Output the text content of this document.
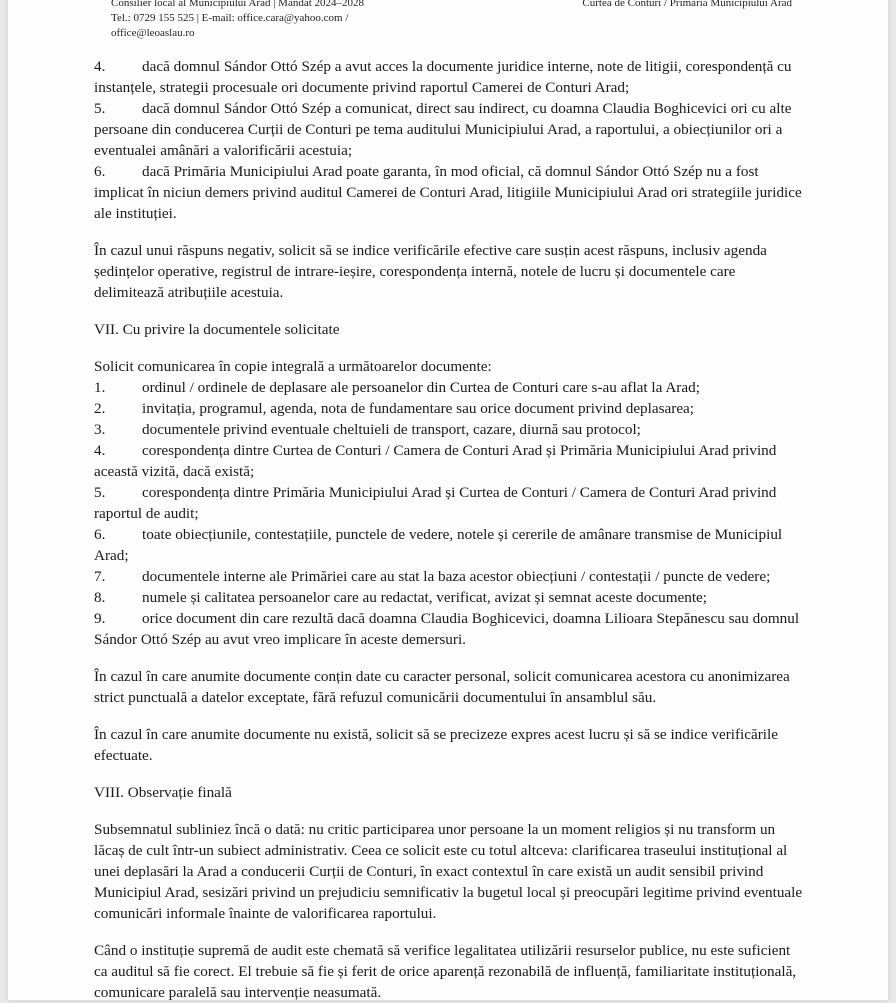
Consilier local al Municipiului Arad | Mandat 2024–2028
Tel.: 0729 155 525 | E-mail: office.cara@yahoo.com /
office@leoaslau.ro
Curtea de Conturi / Primăria Municipiului Arad

4. dacă domnul Sándor Ottó Szép a avut acces la documente juridice interne, note de litigii, corespondență cu instanțele, strategii procesuale ori documente privind raportul Camerei de Conturi Arad;

5. dacă domnul Sándor Ottó Szép a comunicat, direct sau indirect, cu doamna Claudia Boghicevici ori cu alte persoane din conducerea Curții de Conturi pe tema auditului Municipiului Arad, a raportului, a obiecțiunilor ori a eventualei amânări a valorificării acestuia;

6. dacă Primăria Municipiului Arad poate garanta, în mod oficial, că domnul Sándor Ottó Szép nu a fost implicat în niciun demers privind auditul Camerei de Conturi Arad, litigiile Municipiului Arad ori strategiile juridice ale instituției.

În cazul unui răspuns negativ, solicit să se indice verificările efective care susțin acest răspuns, inclusiv agenda ședințelor operative, registrul de intrare-ieșire, corespondența internă, notele de lucru și documentele care delimitează atribuțiile acestuia.

VII. Cu privire la documentele solicitate

Solicit comunicarea în copie integrală a următoarelor documente:

1. ordinul / ordinele de deplasare ale persoanelor din Curtea de Conturi care s-au aflat la Arad;

2. invitația, programul, agenda, nota de fundamentare sau orice document privind deplasarea;

3. documentele privind eventuale cheltuieli de transport, cazare, diurnă sau protocol;

4. corespondența dintre Curtea de Conturi / Camera de Conturi Arad și Primăria Municipiului Arad privind această vizită, dacă există;

5. corespondența dintre Primăria Municipiului Arad și Curtea de Conturi / Camera de Conturi Arad privind raportul de audit;

6. toate obiecțiunile, contestațiile, punctele de vedere, notele și cererile de amânare transmise de Municipiul Arad;

7. documentele interne ale Primăriei care au stat la baza acestor obiecțiuni / contestații / puncte de vedere;

8. numele și calitatea persoanelor care au redactat, verificat, avizat și semnat aceste documente;

9. orice document din care rezultă dacă doamna Claudia Boghicevici, doamna Lilioara Stepănescu sau domnul Sándor Ottó Szép au avut vreo implicare în aceste demersuri.

În cazul în care anumite documente conțin date cu caracter personal, solicit comunicarea acestora cu anonimizarea strict punctuală a datelor exceptate, fără refuzul comunicării documentului în ansamblul său.

În cazul în care anumite documente nu există, solicit să se precizeze expres acest lucru și să se indice verificările efectuate.

VIII. Observație finală

Subsemnatul subliniez încă o dată: nu critic participarea unor persoane la un moment religios și nu transform un lăcaș de cult într-un subiect administrativ. Ceea ce solicit este cu totul altceva: clarificarea traseului instituțional al unei deplasări la Arad a conducerii Curții de Conturi, în exact contextul în care există un audit sensibil privind Municipiul Arad, sesizări privind un prejudiciu semnificativ la bugetul local și preocupări legitime privind eventuale comunicări informale înainte de valorificarea raportului.

Când o instituție supremă de audit este chemată să verifice legalitatea utilizării resurselor publice, nu este suficient ca auditul să fie corect. El trebuie să fie și ferit de orice aparență rezonabilă de influență, familiaritate instituțională, comunicare paralelă sau intervenție neasumată.
